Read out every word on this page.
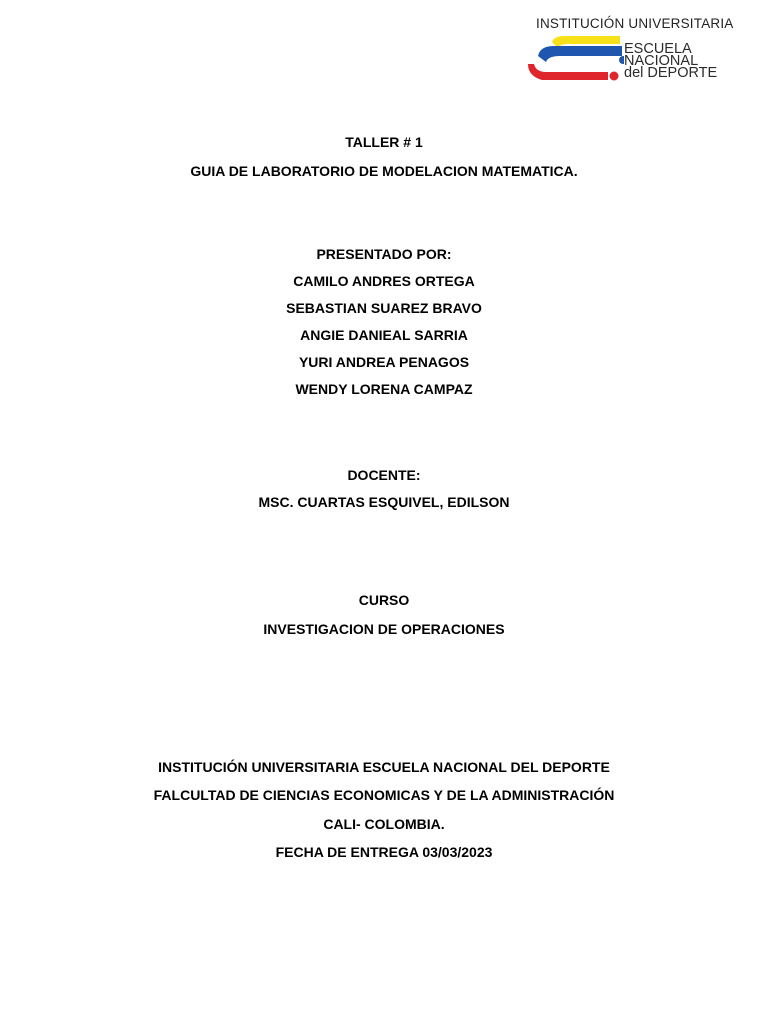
INSTITUCIÓN UNIVERSITARIA
ESCUELA
NACIONAL
del DEPORTE
TALLER # 1
GUIA DE LABORATORIO DE MODELACION MATEMATICA.
PRESENTADO POR:
CAMILO ANDRES ORTEGA
SEBASTIAN SUAREZ BRAVO
ANGIE DANIEAL SARRIA
YURI ANDREA PENAGOS
WENDY LORENA CAMPAZ
DOCENTE:
MSC. CUARTAS ESQUIVEL, EDILSON
CURSO
INVESTIGACION DE OPERACIONES
INSTITUCIÓN UNIVERSITARIA ESCUELA NACIONAL DEL DEPORTE
FALCULTAD DE CIENCIAS ECONOMICAS Y DE LA ADMINISTRACIÓN
CALI- COLOMBIA.
FECHA DE ENTREGA 03/03/2023
